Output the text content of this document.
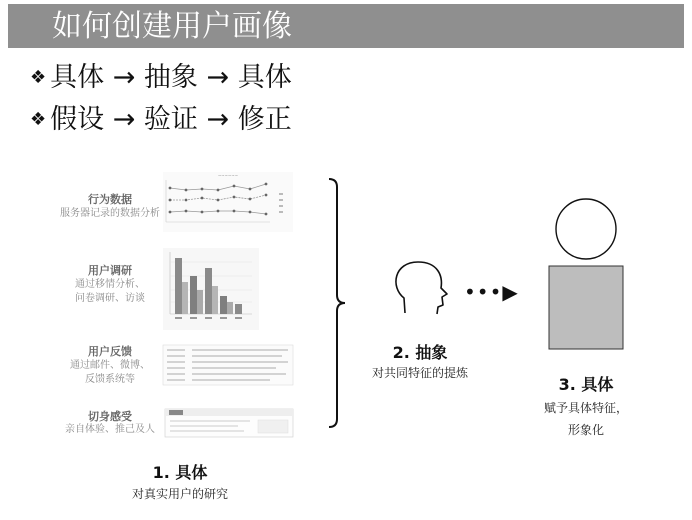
如何创建用户画像
❖ 具体 → 抽象 → 具体
❖ 假设 → 验证 → 修正
~~~~~~
•••▶
行为数据
服务器记录的数据分析
用户调研
通过移情分析、
问卷调研、访谈
用户反馈
通过邮件、微博、
反馈系统等
切身感受
亲自体验、推己及人
1. 具体
对真实用户的研究
2. 抽象
对共同特征的提炼
3. 具体
赋予具体特征，
形象化
